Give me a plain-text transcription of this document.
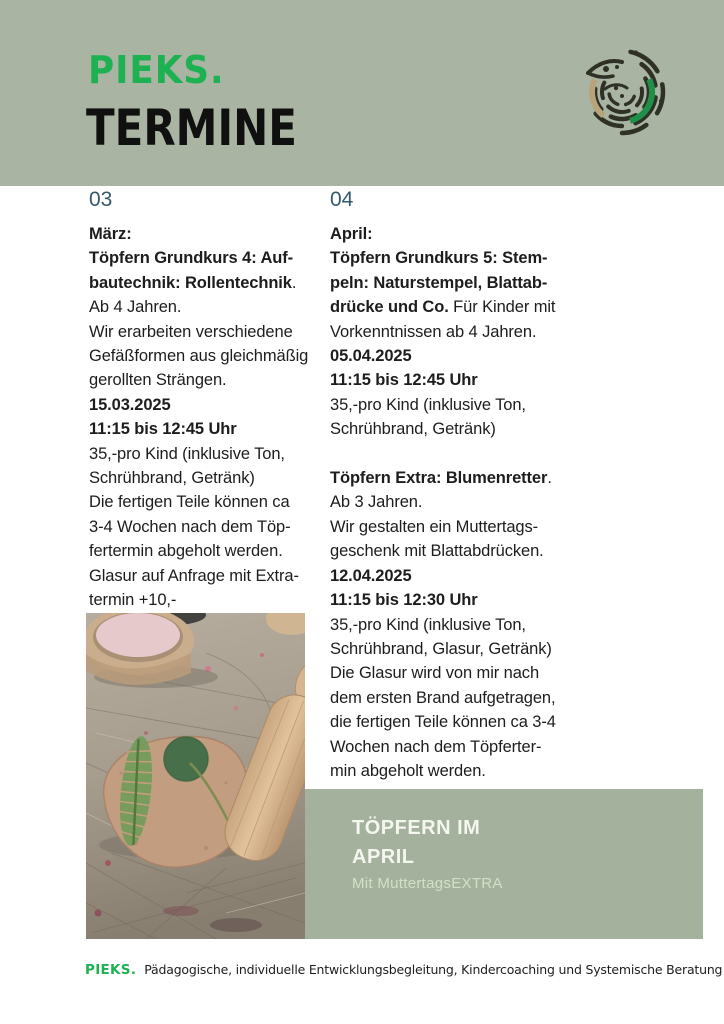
PIEKS.
TERMINE
03
März:
Töpfern Grundkurs 4: Auf-
bautechnik: Rollentechnik.
Ab 4 Jahren.
Wir erarbeiten verschiedene
Gefäßformen aus gleichmäßig
gerollten Strängen.
15.03.2025
11:15 bis 12:45 Uhr
35,-pro Kind (inklusive Ton,
Schrühbrand, Getränk)
Die fertigen Teile können ca
3-4 Wochen nach dem Töp-
fertermin abgeholt werden.
Glasur auf Anfrage mit Extra-
termin +10,-
04
April:
Töpfern Grundkurs 5: Stem-
peln: Naturstempel, Blattab-
drücke und Co. Für Kinder mit
Vorkenntnissen ab 4 Jahren.
05.04.2025
11:15 bis 12:45 Uhr
35,-pro Kind (inklusive Ton,
Schrühbrand, Getränk)

Töpfern Extra: Blumenretter.
Ab 3 Jahren.
Wir gestalten ein Muttertags-
geschenk mit Blattabdrücken.
12.04.2025
11:15 bis 12:30 Uhr
35,-pro Kind (inklusive Ton,
Schrühbrand, Glasur, Getränk)
Die Glasur wird von mir nach
dem ersten Brand aufgetragen,
die fertigen Teile können ca 3-4
Wochen nach dem Töpferter-
min abgeholt werden.
TÖPFERN IM
APRIL
Mit MuttertagsEXTRA
PIEKS. Pädagogische, individuelle Entwicklungsbegleitung, Kindercoaching und Systemische Beratung
